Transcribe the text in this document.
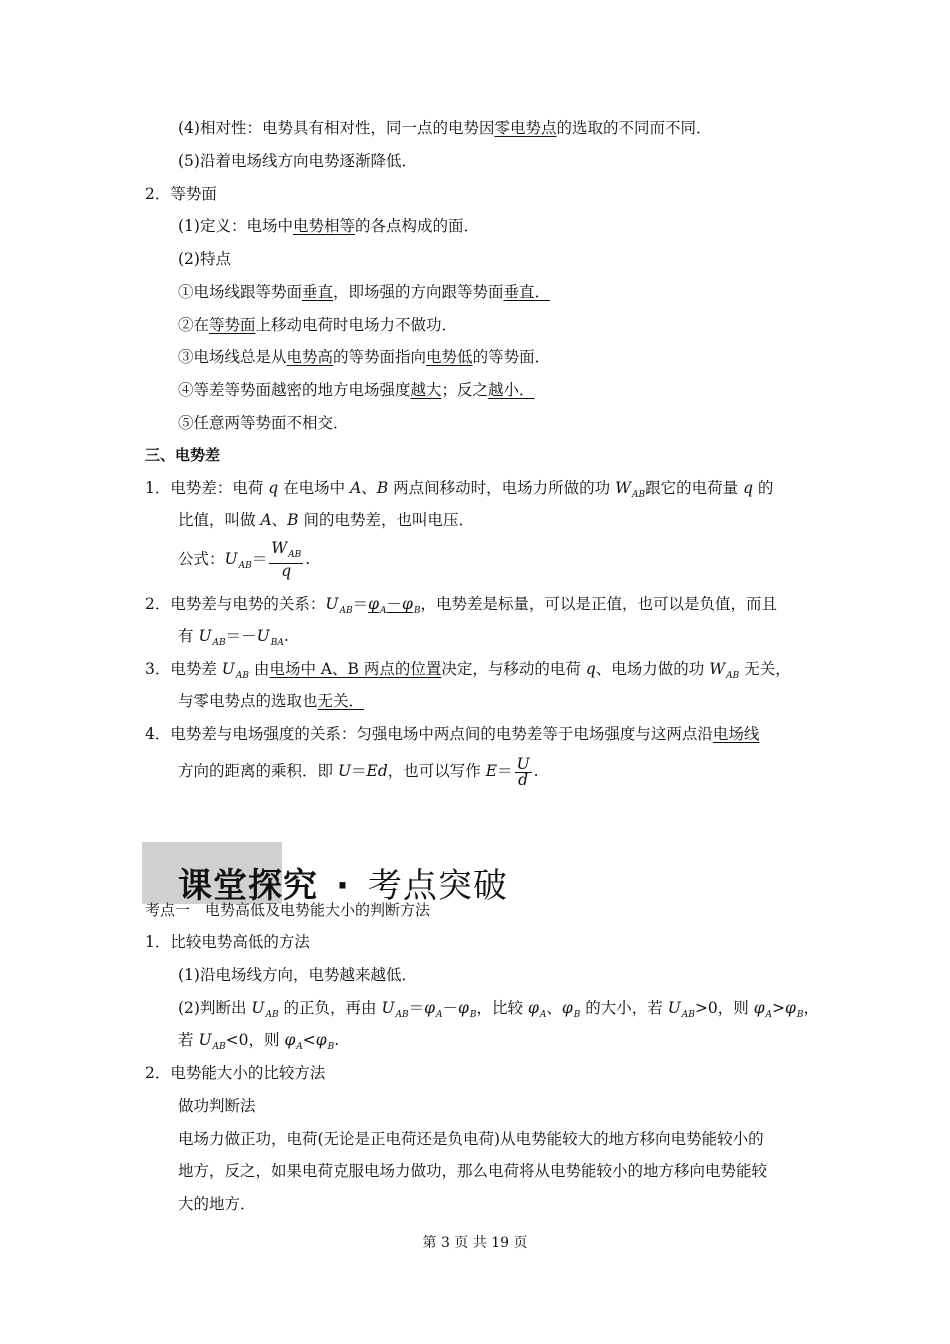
(4)相对性：电势具有相对性，同一点的电势因零电势点的选取的不同而不同．
(5)沿着电场线方向电势逐渐降低．
2．等势面
(1)定义：电场中电势相等的各点构成的面．
(2)特点
①电场线跟等势面垂直，即场强的方向跟等势面垂直．
②在等势面上移动电荷时电场力不做功．
③电场线总是从电势高的等势面指向电势低的等势面．
④等差等势面越密的地方电场强度越大；反之越小．
⑤任意两等势面不相交．
三、电势差
1．电势差：电荷 q 在电场中 A、B 两点间移动时，电场力所做的功 $W_{AB}$跟它的电荷量 q 的
比值，叫做 A、B 间的电势差，也叫电压．
公式：$U_{AB}= \frac{W_{AB}}{q}$ .
2．电势差与电势的关系：$U_{AB}=\varphi_A-\varphi_B$，电势差是标量，可以是正值，也可以是负值，而且
有 $U_{AB}=-U_{BA}$.
3．电势差 $U_{AB}$ 由电场中 A、B 两点的位置决定，与移动的电荷 q、电场力做的功 $W_{AB}$ 无关，
与零电势点的选取也无关．
4．电势差与电场强度的关系：匀强电场中两点间的电势差等于电场强度与这两点沿电场线
方向的距离的乘积．即 U＝Ed，也可以写作 $E= \frac{U}{d}$ .
课堂探究 · 考点突破
考点一　电势高低及电势能大小的判断方法
1．比较电势高低的方法
(1)沿电场线方向，电势越来越低．
(2)判断出 $U_{AB}$ 的正负，再由 $U_{AB}=\varphi_A-\varphi_B$，比较 $\varphi_A$、$\varphi_B$ 的大小，若 $U_{AB}>0$，则 $\varphi_A>\varphi_B$，
若 $U_{AB}<0$，则 $\varphi_A<\varphi_B$.
2．电势能大小的比较方法
做功判断法
电场力做正功，电荷(无论是正电荷还是负电荷)从电势能较大的地方移向电势能较小的
地方，反之，如果电荷克服电场力做功，那么电荷将从电势能较小的地方移向电势能较
大的地方．
第 3 页 共 19 页
